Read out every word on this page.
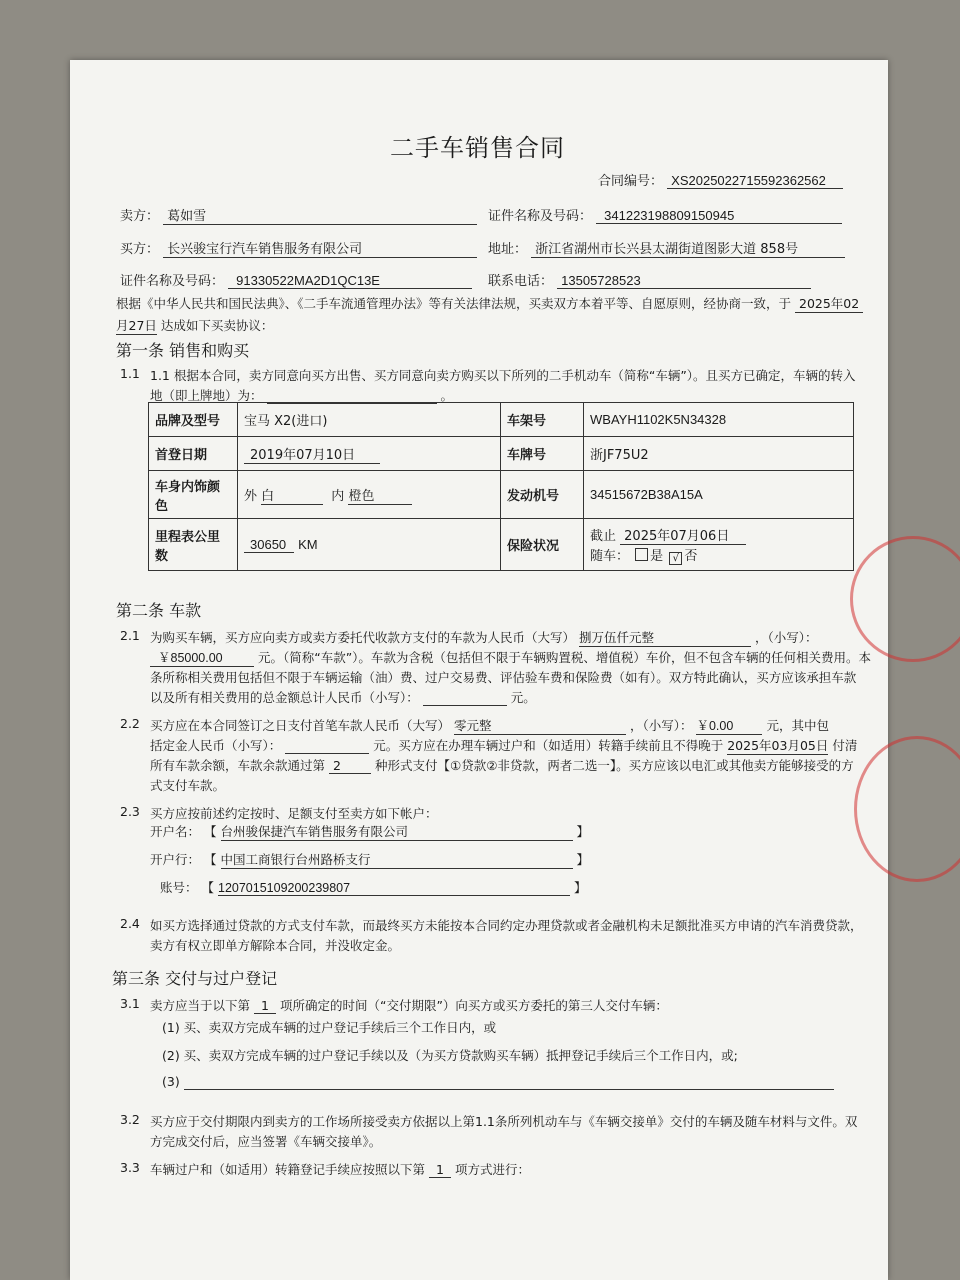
二手车销售合同
合同编号： XS2025022715592362562
卖方： 葛如雪	证件名称及号码： 341223198809150945
买方： 长兴骏宝行汽车销售服务有限公司	地址： 浙江省湖州市长兴县太湖街道图影大道 858号
证件名称及号码： 91330522MA2D1QC13E	联系电话： 13505728523
根据《中华人民共和国民法典》、《二手车流通管理办法》等有关法律法规，买卖双方本着平等、自愿原则，经协商一致，于 2025年02
月27日 达成如下买卖协议：
第一条 销售和购买
1.1 1.1 根据本合同，卖方同意向买方出售、买方同意向卖方购买以下所列的二手机动车（简称“车辆”）。且买方已确定，车辆的转入
地（即上牌地）为：	。
品牌及型号	宝马 X2(进口)	车架号	WBAYH1102K5N34328
首登日期	2019年07月10日	车牌号	浙JF75U2
车身内饰颜色	外 白 内 橙色	发动机号	34515672B38A15A
里程表公里数	30650 KM	保险状况	截止 2025年07月06日
随车： 是 √ 否
第二条 车款
2.1 为购买车辆，买方应向卖方或卖方委托代收款方支付的车款为人民币（大写） 捌万伍仟元整	，（小写）：
￥85000.00	元。（简称“车款”）。车款为含税（包括但不限于车辆购置税、增值税）车价，但不包含车辆的任何相关费用。本
条所称相关费用包括但不限于车辆运输（油）费、过户交易费、评估验车费和保险费（如有）。双方特此确认，买方应该承担车款
以及所有相关费用的总金额总计人民币（小写）：	元。
2.2 买方应在本合同签订之日支付首笔车款人民币（大写） 零元整	，（小写）： ￥0.00	元，其中包
括定金人民币（小写）：	元。买方应在办理车辆过户和（如适用）转籍手续前且不得晚于 2025年03月05日 付清
所有车款余额，车款余款通过第 2	种形式支付【①贷款②非贷款，两者二选一】。买方应该以电汇或其他卖方能够接受的方
式支付车款。
2.3 买方应按前述约定按时、足额支付至卖方如下帐户：
开户名： 【 台州骏保捷汽车销售服务有限公司	】
开户行： 【 中国工商银行台州路桥支行	】
账号： 【 1207015109200239807	】
2.4 如买方选择通过贷款的方式支付车款，而最终买方未能按本合同约定办理贷款或者金融机构未足额批准买方申请的汽车消费贷款，
卖方有权立即单方解除本合同，并没收定金。
第三条 交付与过户登记
3.1 卖方应当于以下第 1 项所确定的时间（“交付期限”）向买方或买方委托的第三人交付车辆：
(1) 买、卖双方完成车辆的过户登记手续后三个工作日内，或
(2) 买、卖双方完成车辆的过户登记手续以及（为买方贷款购买车辆）抵押登记手续后三个工作日内，或;
(3)
3.2 买方应于交付期限内到卖方的工作场所接受卖方依据以上第1.1条所列机动车与《车辆交接单》交付的车辆及随车材料与文件。双
方完成交付后，应当签署《车辆交接单》。
3.3 车辆过户和（如适用）转籍登记手续应按照以下第 1 项方式进行：
